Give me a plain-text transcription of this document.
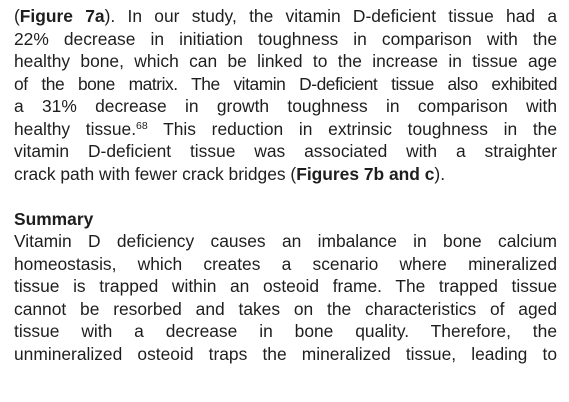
(Figure 7a). In our study, the vitamin D-deficient tissue had a
22% decrease in initiation toughness in comparison with the
healthy bone, which can be linked to the increase in tissue age
of the bone matrix. The vitamin D-deficient tissue also exhibited
a 31% decrease in growth toughness in comparison with
healthy tissue.$^{68}$ This reduction in extrinsic toughness in the
vitamin D-deficient tissue was associated with a straighter
crack path with fewer crack bridges (Figures 7b and c).

Summary

Vitamin D deficiency causes an imbalance in bone calcium
homeostasis, which creates a scenario where mineralized
tissue is trapped within an osteoid frame. The trapped tissue
cannot be resorbed and takes on the characteristics of aged
tissue with a decrease in bone quality. Therefore, the
unmineralized osteoid traps the mineralized tissue, leading to
